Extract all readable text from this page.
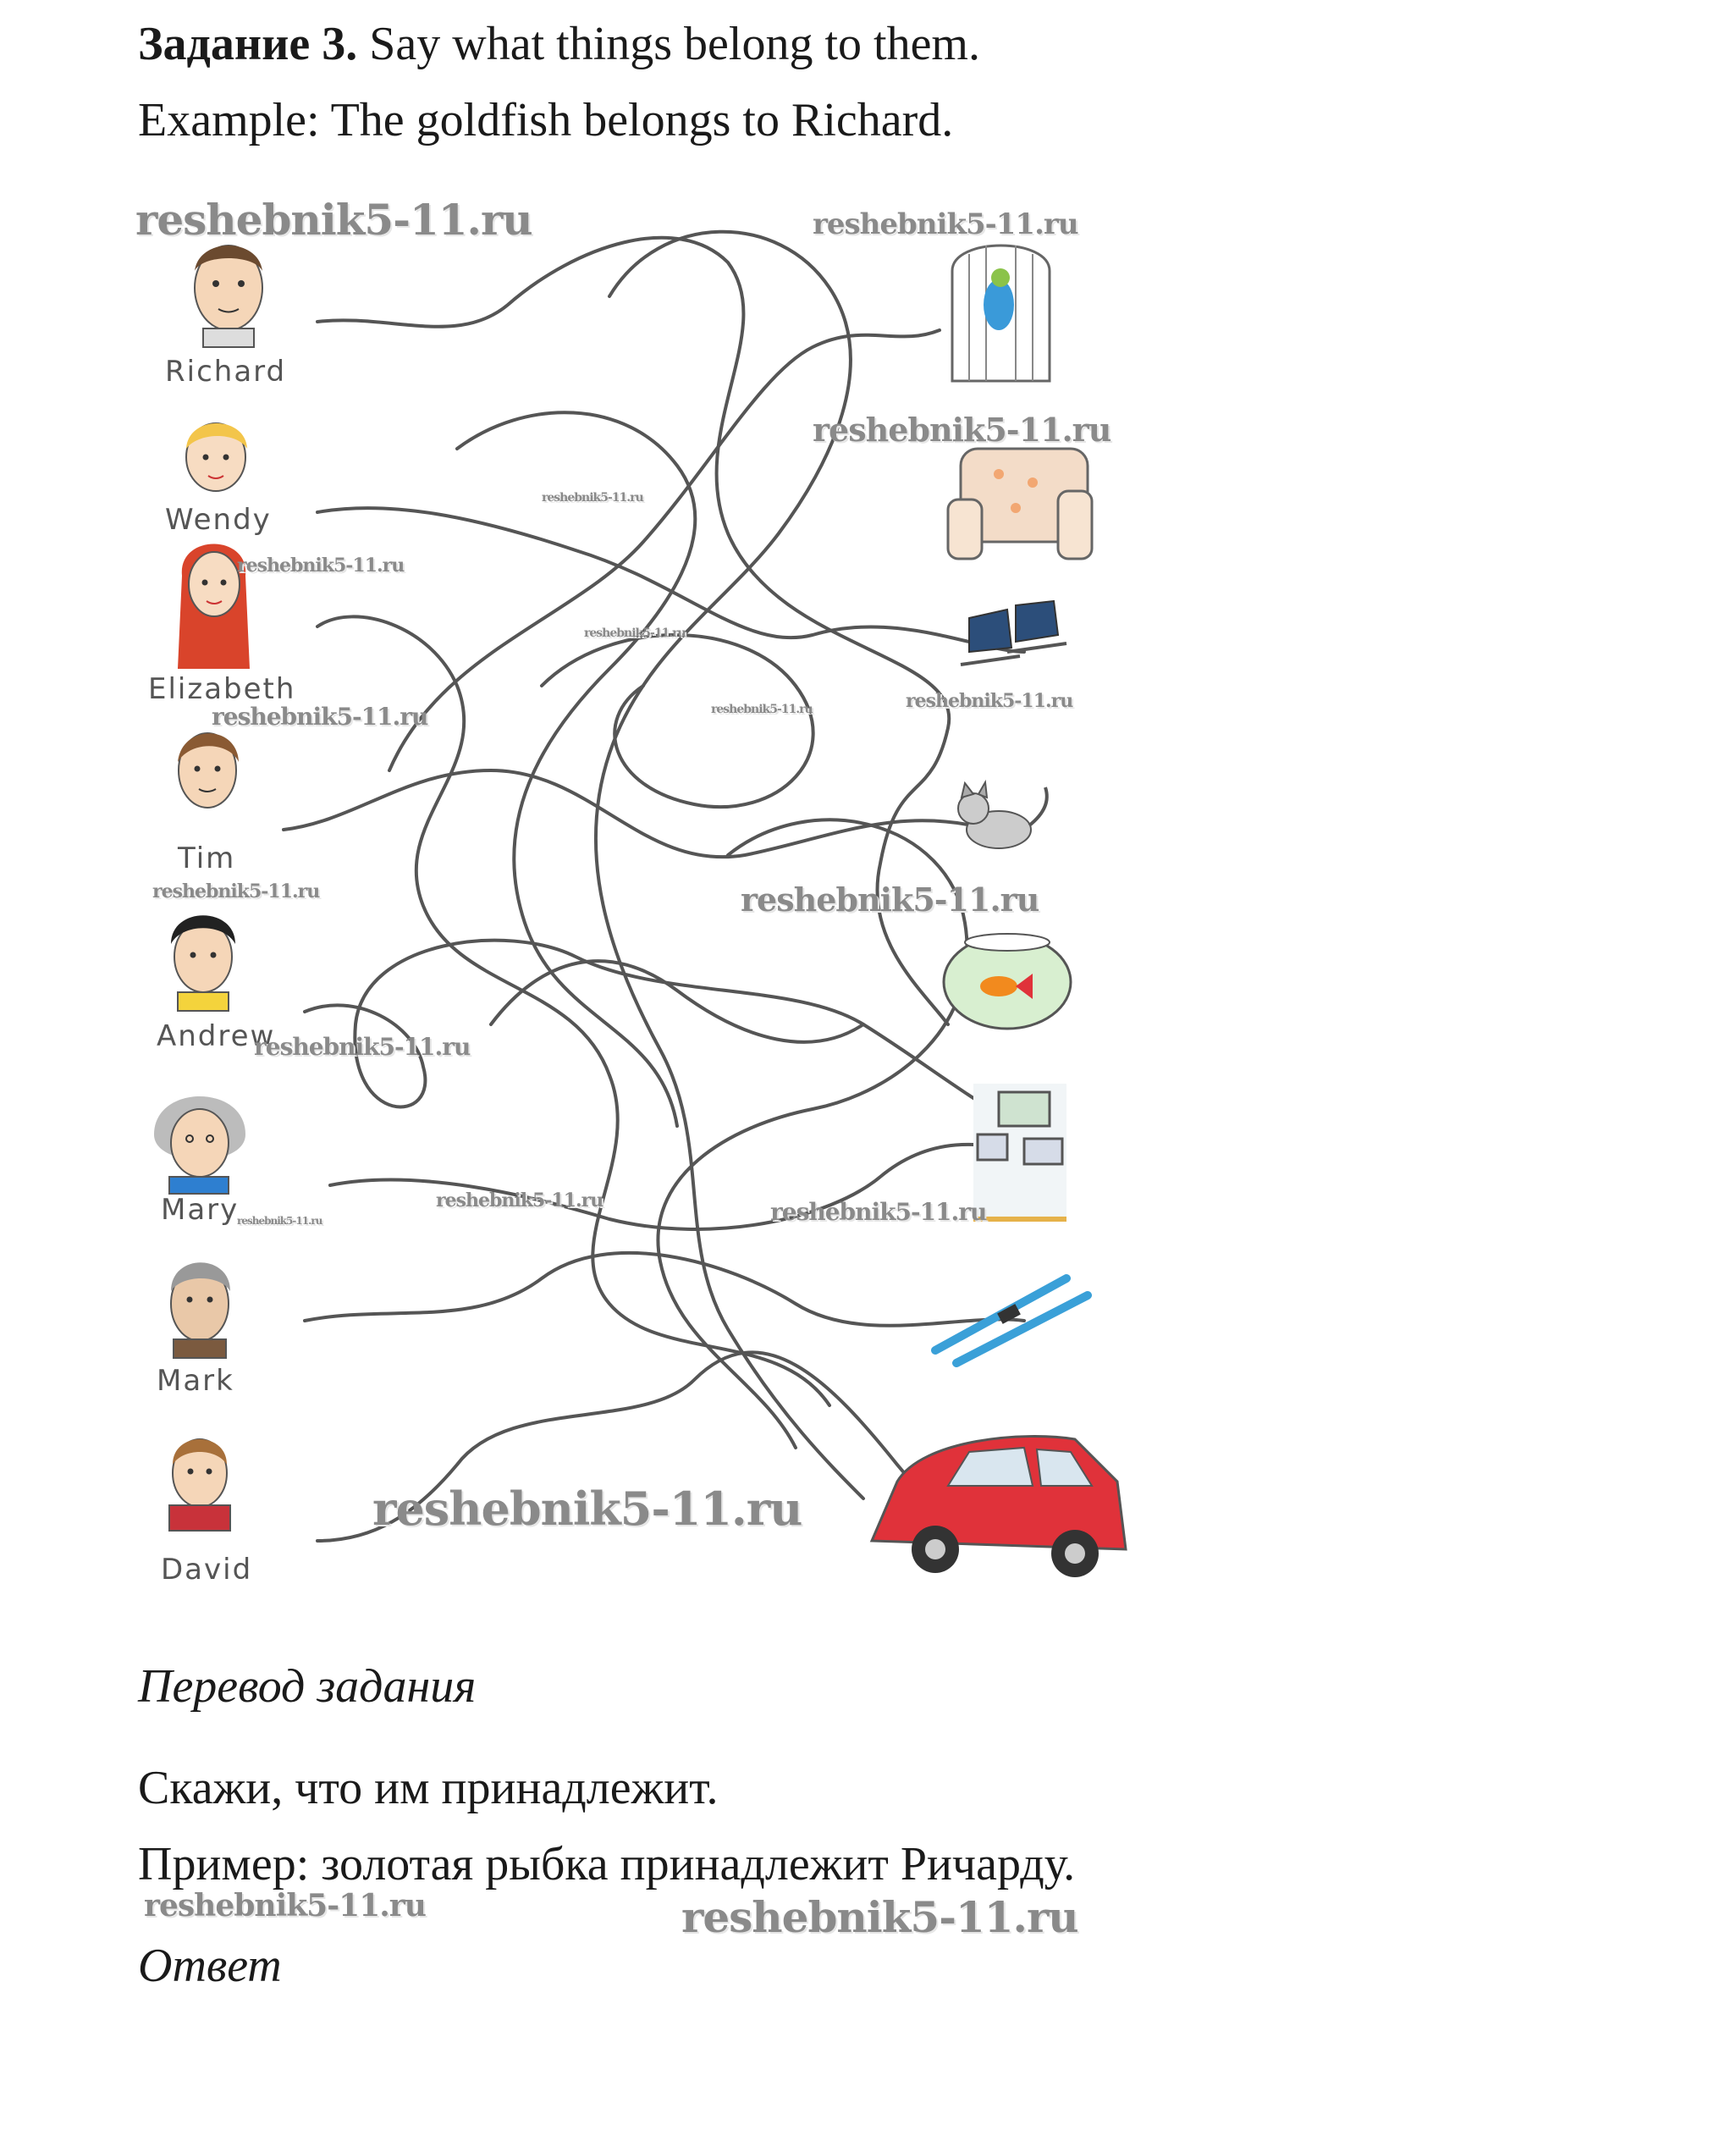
Задание 3. Say what things belong to them.
Example: The goldfish belongs to Richard.
Richard
Wendy
Elizabeth
Tim
Andrew
Mary
Mark
David
reshebnik5-11.ru	reshebnik5-11.ru
reshebnik5-11.ru
reshebnik5-11.ru
reshebnik5-11.ru
reshebnik5-11.ru
reshebnik5-11.ru	reshebnik5-11.ru
reshebnik5-11.ru
reshebnik5-11.ru	reshebnik5-11.ru
reshebnik5-11.ru
reshebnik5-11.ru	reshebnik5-11.ru
reshebnik5-11.ru
reshebnik5-11.ru
Перевод задания
Скажи, что им принадлежит.
Пример: золотая рыбка принадлежит Ричарду.
reshebnik5-11.ru	reshebnik5-11.ru
Ответ
